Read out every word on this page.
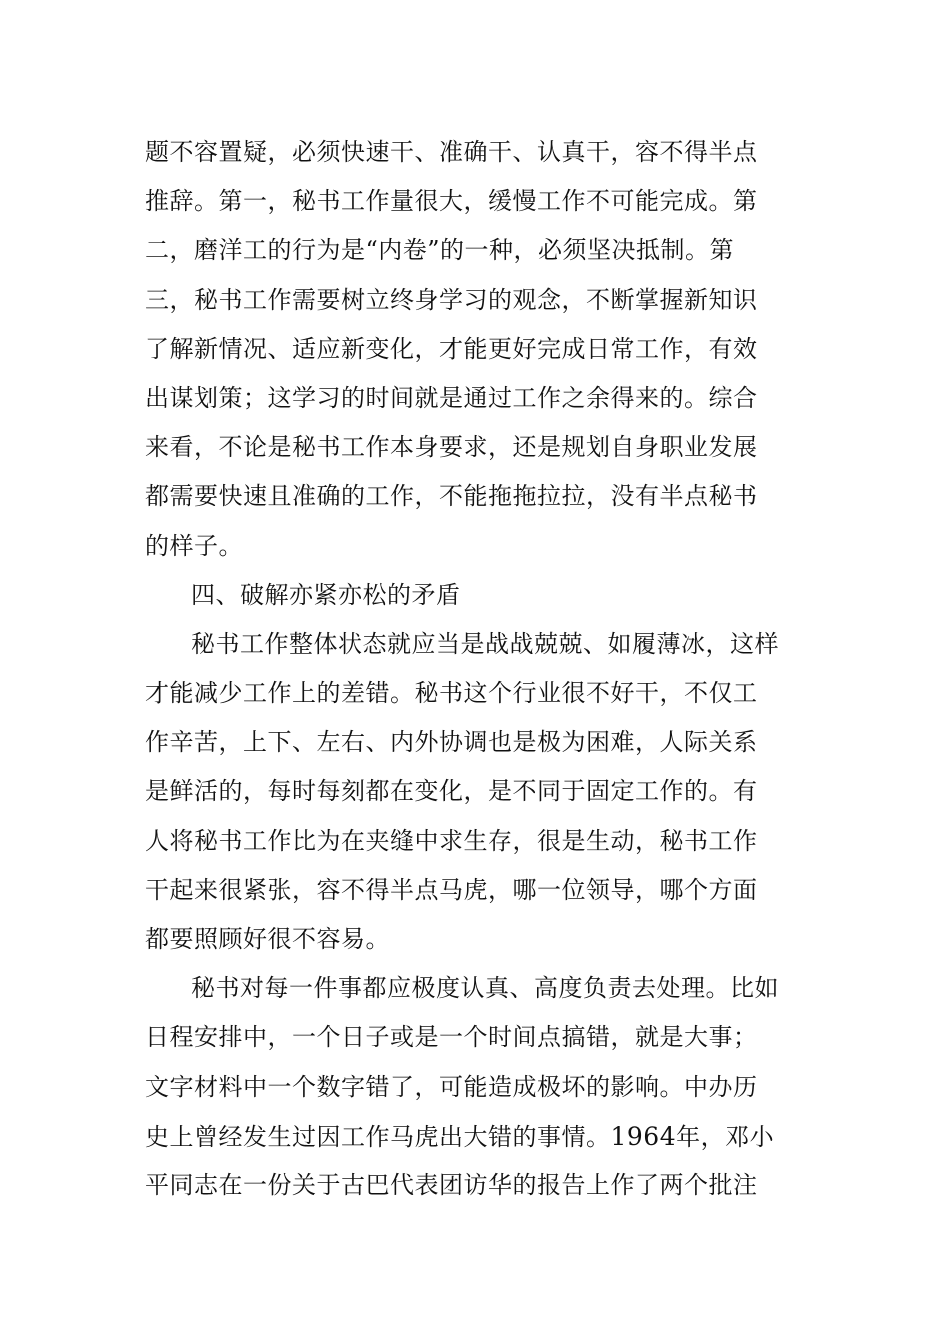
题不容置疑，必须快速干、准确干、认真干，容不得半点
推辞。第一，秘书工作量很大，缓慢工作不可能完成。第
二，磨洋工的行为是“内卷”的一种，必须坚决抵制。第
三，秘书工作需要树立终身学习的观念，不断掌握新知识
了解新情况、适应新变化，才能更好完成日常工作，有效
出谋划策；这学习的时间就是通过工作之余得来的。综合
来看，不论是秘书工作本身要求，还是规划自身职业发展
都需要快速且准确的工作，不能拖拖拉拉，没有半点秘书
的样子。
四、破解亦紧亦松的矛盾
秘书工作整体状态就应当是战战兢兢、如履薄冰，这样
才能减少工作上的差错。秘书这个行业很不好干，不仅工
作辛苦，上下、左右、内外协调也是极为困难，人际关系
是鲜活的，每时每刻都在变化，是不同于固定工作的。有
人将秘书工作比为在夹缝中求生存，很是生动，秘书工作
干起来很紧张，容不得半点马虎，哪一位领导，哪个方面
都要照顾好很不容易。
秘书对每一件事都应极度认真、高度负责去处理。比如
日程安排中，一个日子或是一个时间点搞错，就是大事；
文字材料中一个数字错了，可能造成极坏的影响。中办历
史上曾经发生过因工作马虎出大错的事情。1964年，邓小
平同志在一份关于古巴代表团访华的报告上作了两个批注
